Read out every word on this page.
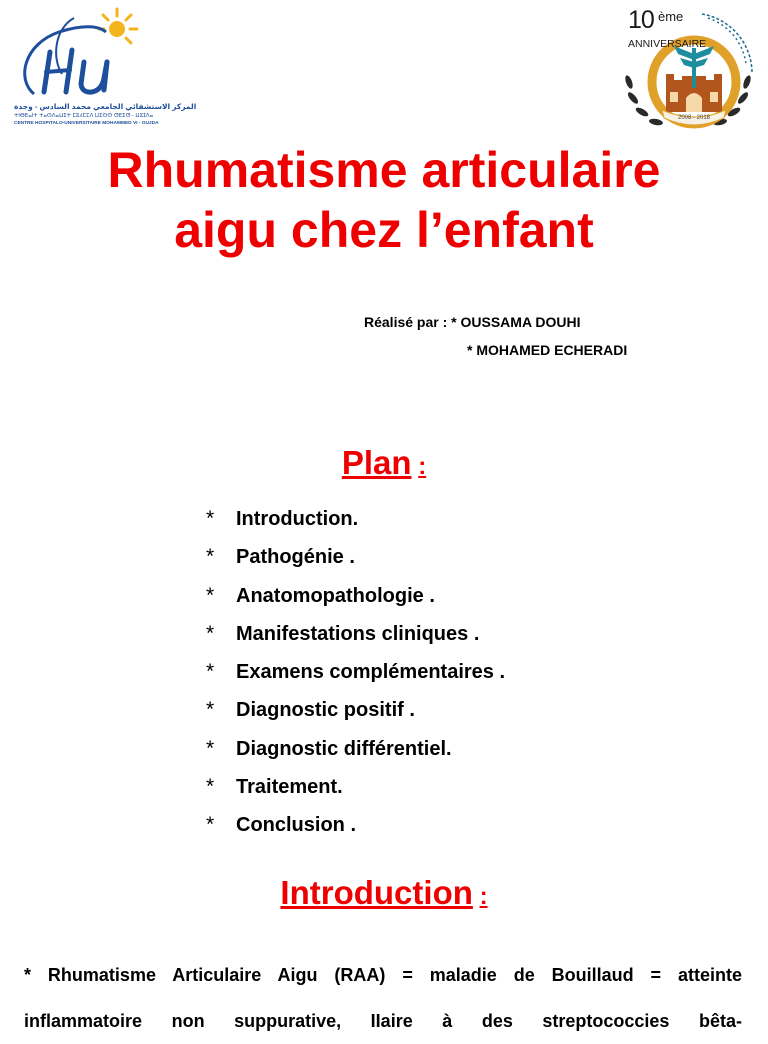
المركز الاستشفائي الجامعي محمد السادس - وجدة
ⵜⵏⴱⴹⴰⵏⵜ ⵜⴰⵙⴷⴰⵡⵉⵜ ⵎⵓⵃⵎⵎⴷ ⵡⵉⵙⵙ ⵚⴹⵉⵚ - ⵡⵓⵊⴷⴰ
CENTRE HOSPITALO-UNIVERSITAIRE MOHAMMED VI - OUJDA
10 ème
ANNIVERSAIRE
2008 - 2018
Rhumatisme articulaire
aigu chez l’enfant
Réalisé par : * OUSSAMA DOUHI
* MOHAMED ECHERADI
Plan :
* Introduction.
* Pathogénie .
* Anatomopathologie .
* Manifestations cliniques .
* Examens complémentaires .
* Diagnostic positif .
* Diagnostic différentiel.
* Traitement.
* Conclusion .
Introduction :

* Rhumatisme Articulaire Aigu (RAA) = maladie de Bouillaud = atteinte
inflammatoire non suppurative, IIaire à des streptococcies bêta-
